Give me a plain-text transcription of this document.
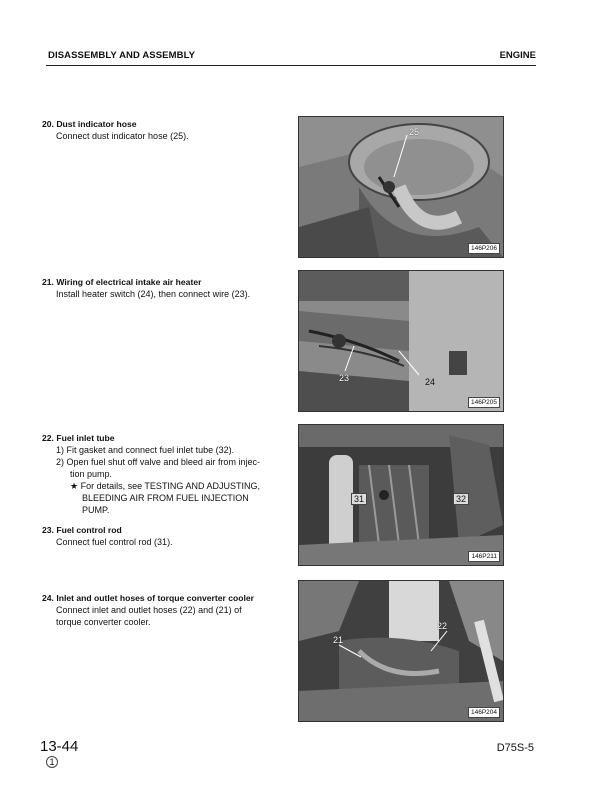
DISASSEMBLY AND ASSEMBLY	ENGINE
20. Dust indicator hose
Connect dust indicator hose (25).
21. Wiring of electrical intake air heater
Install heater switch (24), then connect wire (23).
22. Fuel inlet tube
1) Fit gasket and connect fuel inlet tube (32).
2) Open fuel shut off valve and bleed air from injec-
tion pump.
★ For details, see TESTING AND ADJUSTING,
BLEEDING AIR FROM FUEL INJECTION
PUMP.
23. Fuel control rod
Connect fuel control rod (31).
24. Inlet and outlet hoses of torque converter cooler
Connect inlet and outlet hoses (22) and (21) of
torque converter cooler.
25
146P206
23	24
146P205
31	32
146P211
21
22
146P204
13-44
1
D75S-5
